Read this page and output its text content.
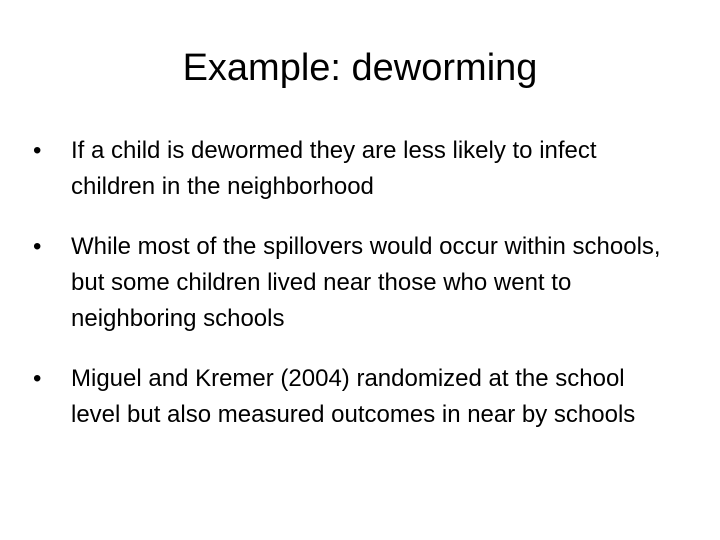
Example: deworming
•	If a child is dewormed they are less likely to infect children in the neighborhood
•	While most of the spillovers would occur within schools, but some children lived near those who went to neighboring schools
•	Miguel and Kremer (2004) randomized at the school level but also measured outcomes in near by schools
